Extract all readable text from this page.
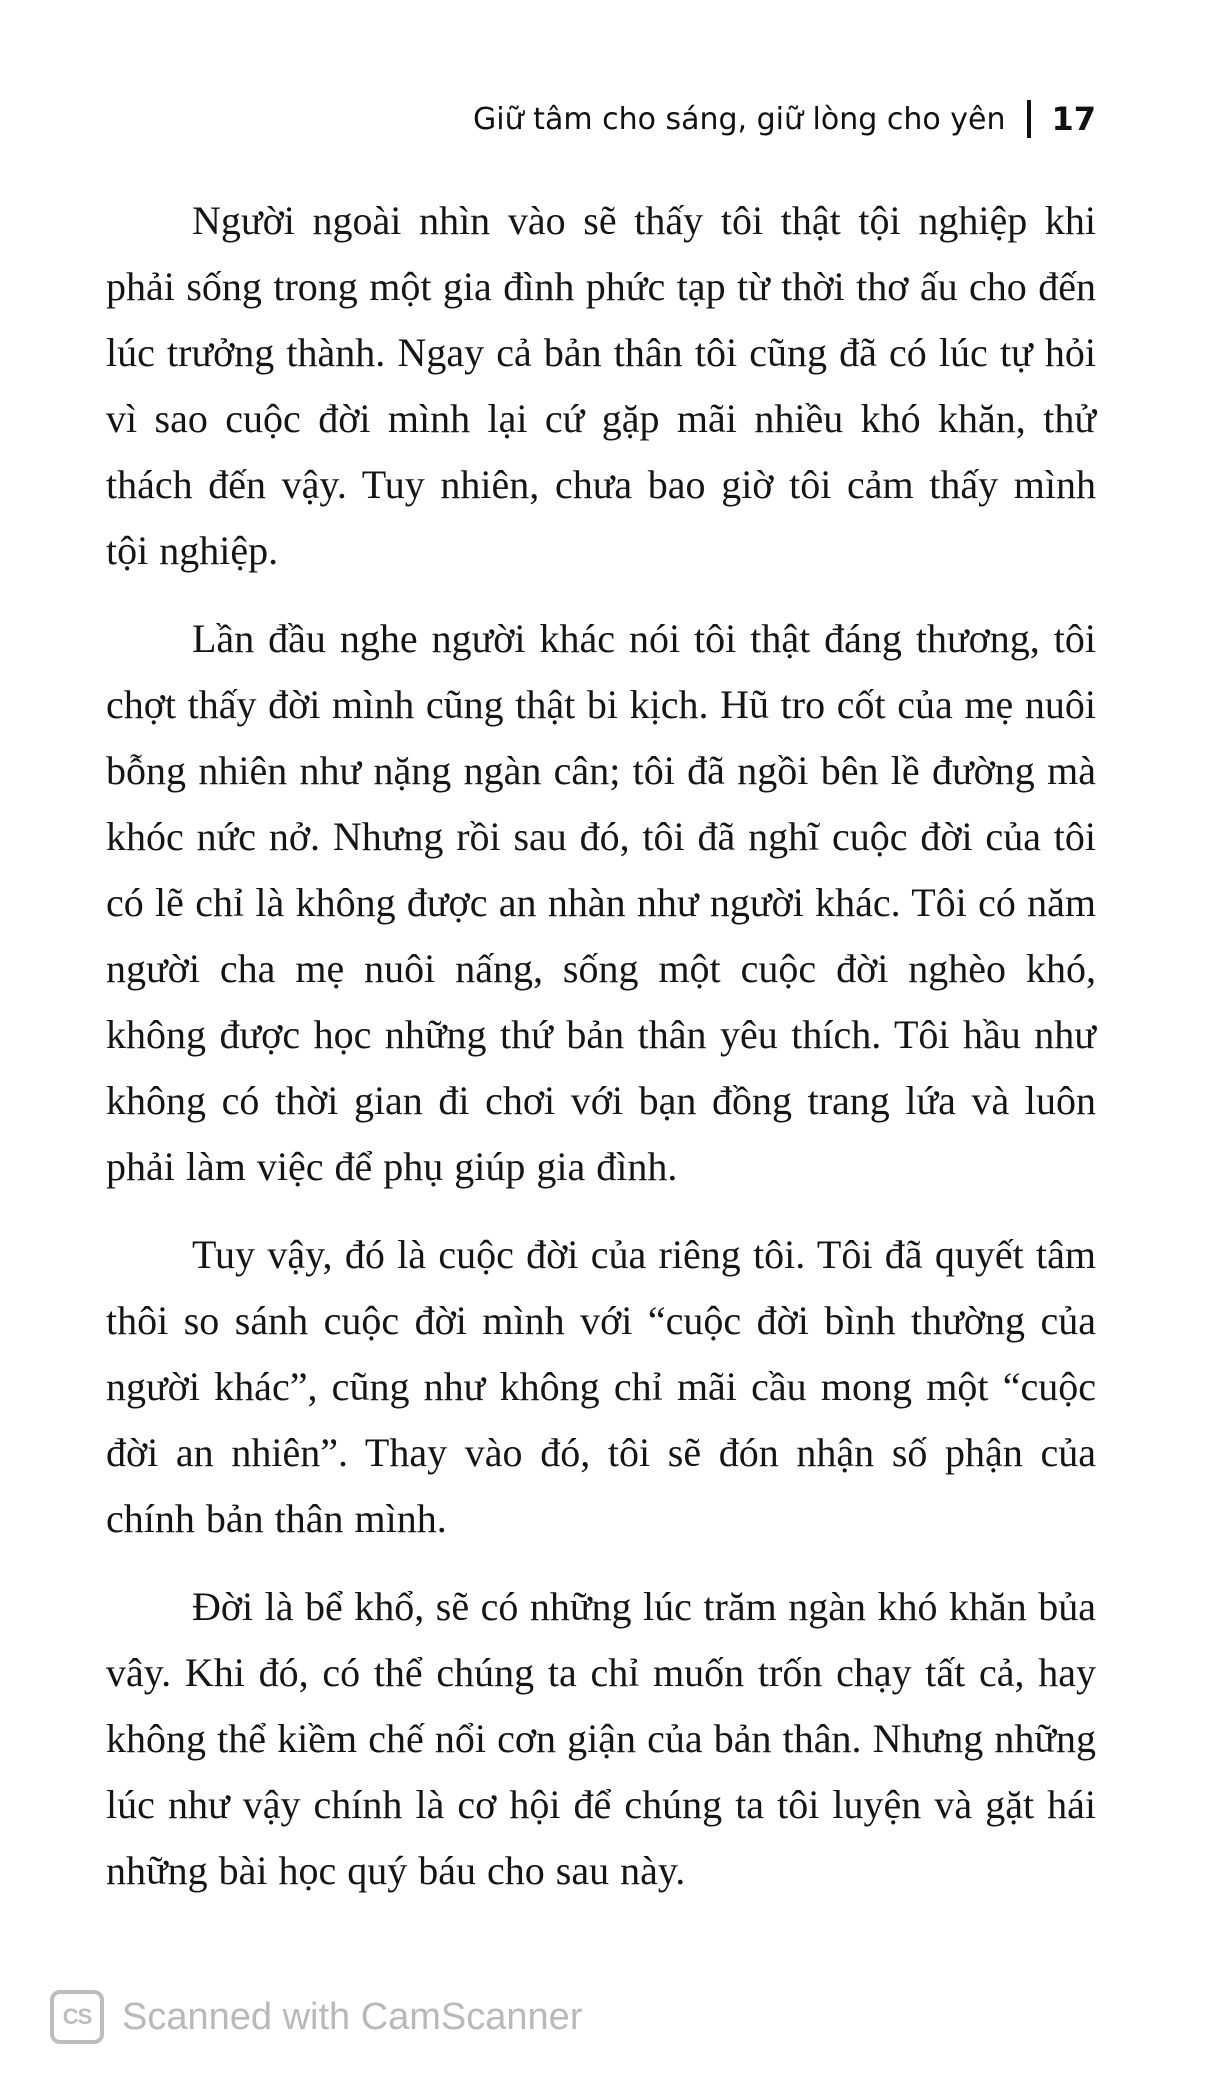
Giữ tâm cho sáng, giữ lòng cho yên 17

Người ngoài nhìn vào sẽ thấy tôi thật tội nghiệp khi phải sống trong một gia đình phức tạp từ thời thơ ấu cho đến lúc trưởng thành. Ngay cả bản thân tôi cũng đã có lúc tự hỏi vì sao cuộc đời mình lại cứ gặp mãi nhiều khó khăn, thử thách đến vậy. Tuy nhiên, chưa bao giờ tôi cảm thấy mình tội nghiệp.

Lần đầu nghe người khác nói tôi thật đáng thương, tôi chợt thấy đời mình cũng thật bi kịch. Hũ tro cốt của mẹ nuôi bỗng nhiên như nặng ngàn cân; tôi đã ngồi bên lề đường mà khóc nức nở. Nhưng rồi sau đó, tôi đã nghĩ cuộc đời của tôi có lẽ chỉ là không được an nhàn như người khác. Tôi có năm người cha mẹ nuôi nấng, sống một cuộc đời nghèo khó, không được học những thứ bản thân yêu thích. Tôi hầu như không có thời gian đi chơi với bạn đồng trang lứa và luôn phải làm việc để phụ giúp gia đình.

Tuy vậy, đó là cuộc đời của riêng tôi. Tôi đã quyết tâm thôi so sánh cuộc đời mình với “cuộc đời bình thường của người khác”, cũng như không chỉ mãi cầu mong một “cuộc đời an nhiên”. Thay vào đó, tôi sẽ đón nhận số phận của chính bản thân mình.

Đời là bể khổ, sẽ có những lúc trăm ngàn khó khăn bủa vây. Khi đó, có thể chúng ta chỉ muốn trốn chạy tất cả, hay không thể kiềm chế nổi cơn giận của bản thân. Nhưng những lúc như vậy chính là cơ hội để chúng ta tôi luyện và gặt hái những bài học quý báu cho sau này.

CS Scanned with CamScanner
